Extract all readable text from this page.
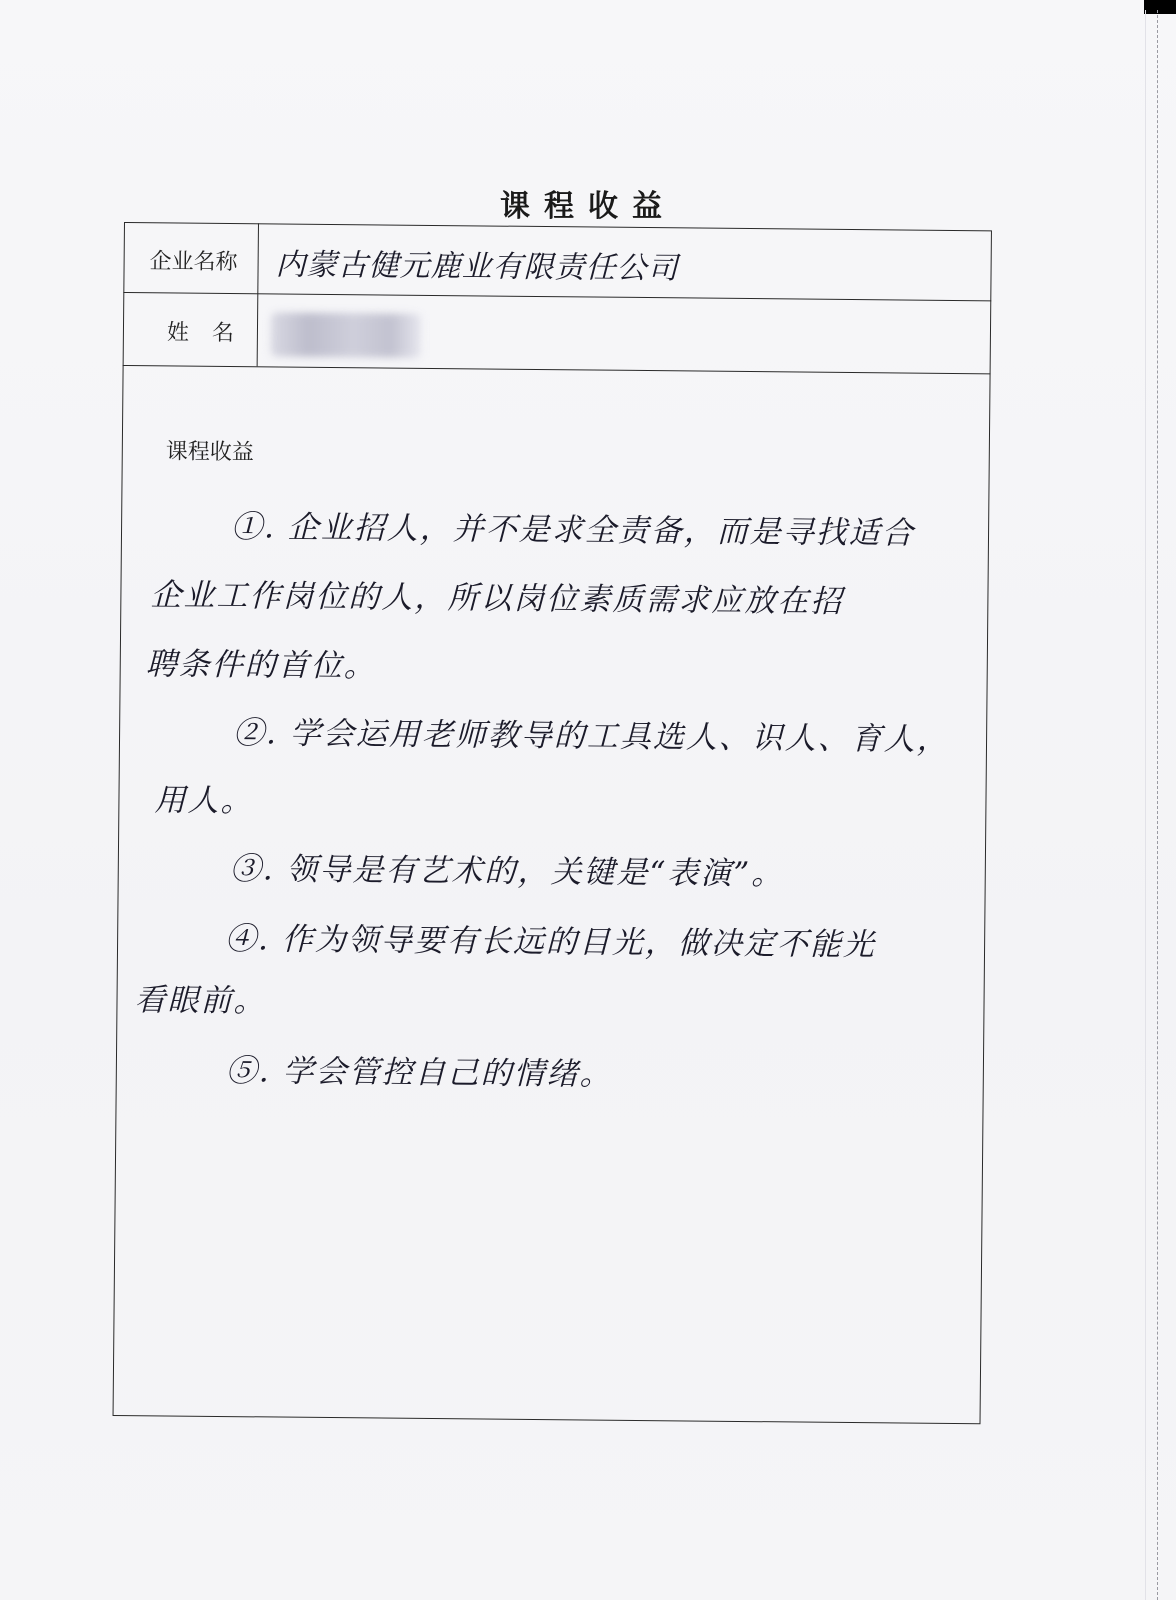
课程收益
企业名称 内蒙古健元鹿业有限责任公司
姓 名
课程收益
①. 企业招人，并不是求全责备，而是寻找适合
企业工作岗位的人，所以岗位素质需求应放在招
聘条件的首位。
②. 学会运用老师教导的工具选人、识人、育人，
用人。
③. 领导是有艺术的，关键是“表演”。
④. 作为领导要有长远的目光，做决定不能光
看眼前。
⑤. 学会管控自己的情绪。
